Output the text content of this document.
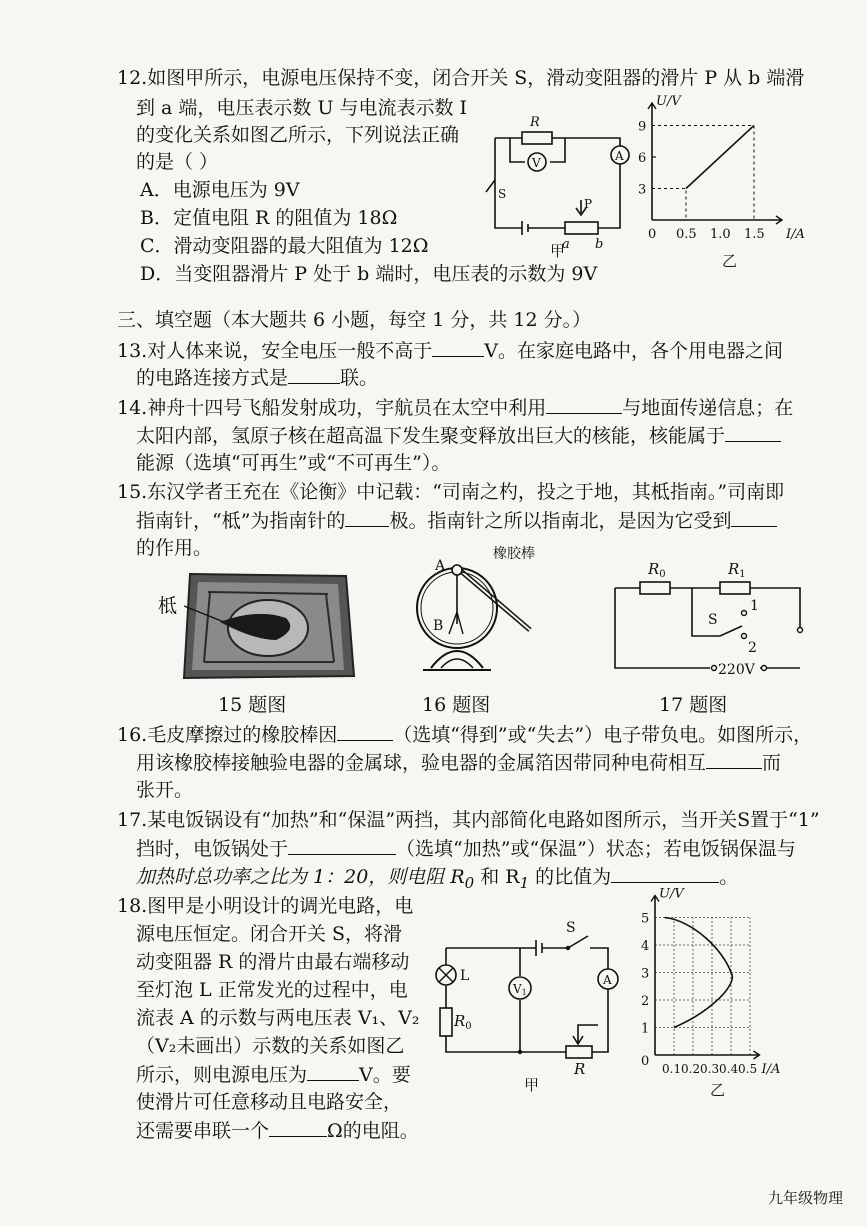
12.如图甲所示，电源电压保持不变，闭合开关 S，滑动变阻器的滑片 P 从 b 端滑
到 a 端，电压表示数 U 与电流表示数 I
的变化关系如图乙所示，下列说法正确
的是（ ）
A．电源电压为 9V
B．定值电阻 R 的阻值为 18Ω
C．滑动变阻器的最大阻值为 12Ω
D．当变阻器滑片 P 处于 b 端时，电压表的示数为 9V
R
V	A
S
P
a b
甲
3
6
9
0 0.5 1.0 1.5
U/V
I/A
乙
三、填空题（本大题共 6 小题，每空 1 分，共 12 分。）
13.对人体来说，安全电压一般不高于	V。在家庭电路中，各个用电器之间
的电路连接方式是	联。
14.神舟十四号飞船发射成功，宇航员在太空中利用	与地面传递信息；在
太阳内部，氢原子核在超高温下发生聚变释放出巨大的核能，核能属于
能源（选填“可再生”或“不可再生”）。
15.东汉学者王充在《论衡》中记载：“司南之杓，投之于地，其柢指南。”司南即
指南针，“柢”为指南针的 极。指南针之所以指南北，是因为它受到
的作用。
柢
15 题图
橡胶棒
A
B
16 题图
$R_0$	$R_1$
S
1
2
220V
17 题图
16.毛皮摩擦过的橡胶棒因	（选填“得到”或“失去”）电子带负电。如图所示，
用该橡胶棒接触验电器的金属球，验电器的金属箔因带同种电荷相互	而
张开。
17.某电饭锅设有“加热”和“保温”两挡，其内部简化电路如图所示，当开关S置于“1”
挡时，电饭锅处于	（选填“加热”或“保温”）状态；若电饭锅保温与
加热时总功率之比为 1：20，则电阻 $R_0$ 和 $R_1$ 的比值为	。
18.图甲是小明设计的调光电路，电
源电压恒定。闭合开关 S，将滑
动变阻器 R 的滑片由最右端移动
至灯泡 L 正常发光的过程中，电
流表 A 的示数与两电压表 V₁、V₂
（V₂未画出）示数的关系如图乙
所示，则电源电压为	V。要
使滑片可任意移动且电路安全，
还需要串联一个	Ω的电阻。
L
$R_0$
V1
A
S
R
甲
0
1
2
3
4
5
0.1 0.2 0.3 0.4 0.5
U/V
I/A
乙
九年级物理
